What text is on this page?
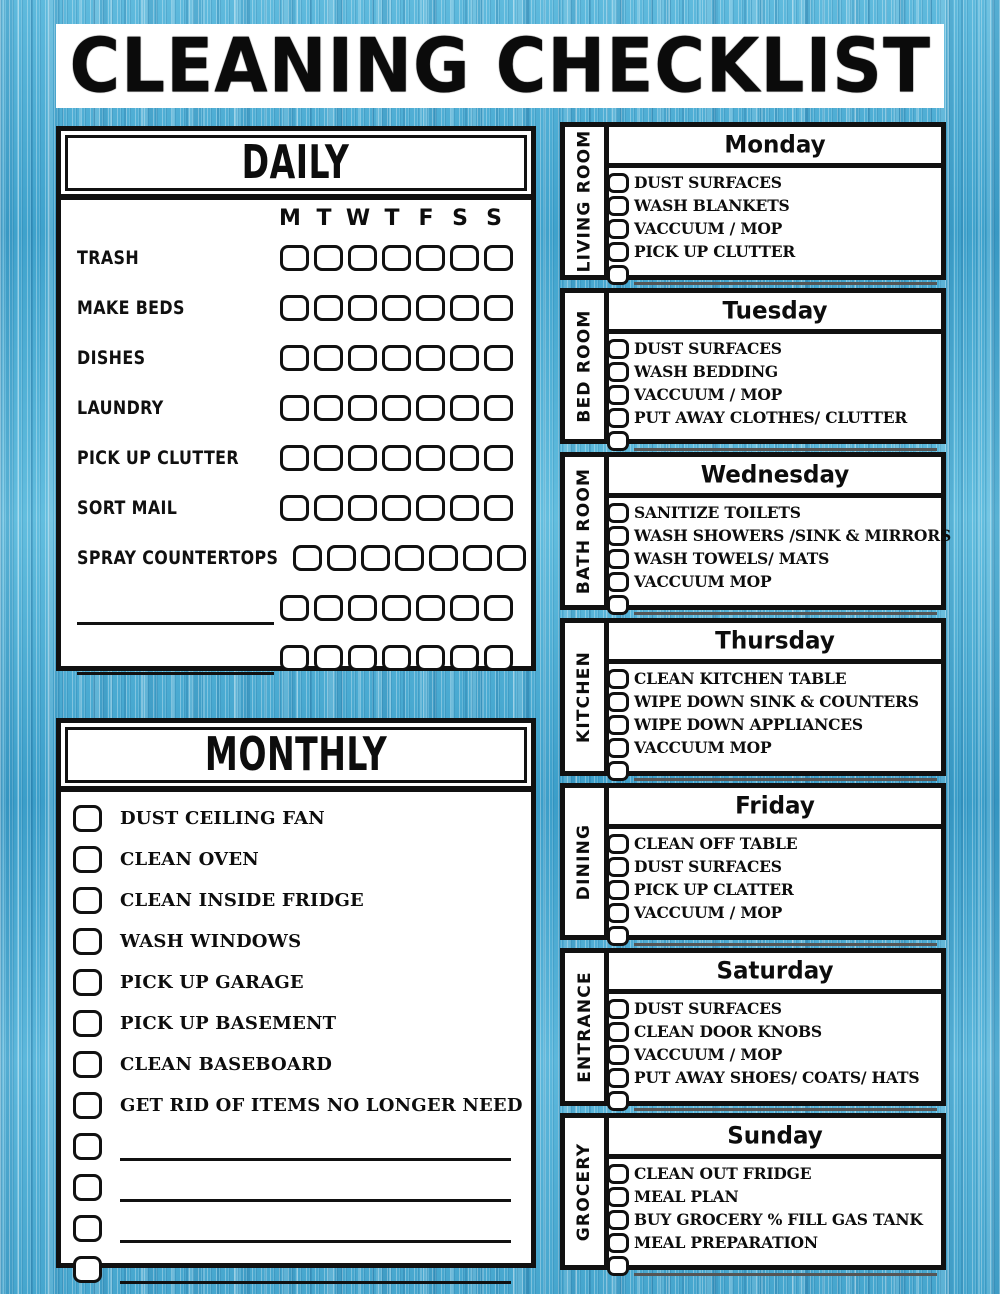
CLEANING CHECKLIST
DAILY
M T W T F S S
TRASH
MAKE BEDS
DISHES
LAUNDRY
PICK UP CLUTTER
SORT MAIL
SPRAY COUNTERTOPS
MONTHLY
DUST CEILING FAN
CLEAN OVEN
CLEAN INSIDE FRIDGE
WASH WINDOWS
PICK UP GARAGE
PICK UP BASEMENT
CLEAN BASEBOARD
GET RID OF ITEMS NO LONGER NEED
LIVING ROOM	Monday
DUST SURFACES
WASH BLANKETS
VACCUUM / MOP
PICK UP CLUTTER
BED ROOM	Tuesday
DUST SURFACES
WASH BEDDING
VACCUUM / MOP
PUT AWAY CLOTHES/ CLUTTER
BATH ROOM	Wednesday
SANITIZE TOILETS
WASH SHOWERS /SINK & MIRRORS
WASH TOWELS/ MATS
VACCUUM MOP
KITCHEN
Thursday
CLEAN KITCHEN TABLE
WIPE DOWN SINK & COUNTERS
WIPE DOWN APPLIANCES
VACCUUM MOP
DINING
Friday
CLEAN OFF TABLE
DUST SURFACES
PICK UP CLATTER
VACCUUM / MOP
ENTRANCE
Saturday
DUST SURFACES
CLEAN DOOR KNOBS
VACCUUM / MOP
PUT AWAY SHOES/ COATS/ HATS
GROCERY
Sunday
CLEAN OUT FRIDGE
MEAL PLAN
BUY GROCERY % FILL GAS TANK
MEAL PREPARATION
